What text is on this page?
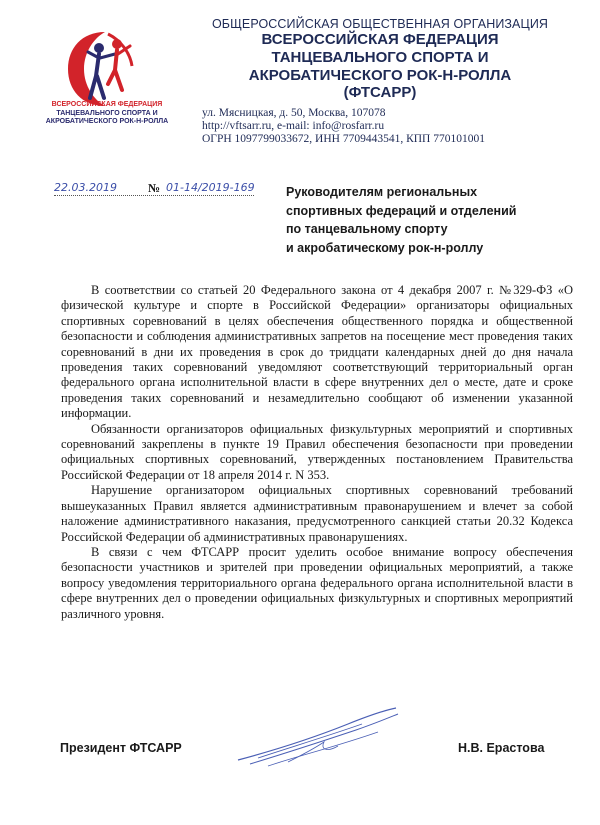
ВСЕРОССИЙСКАЯ ФЕДЕРАЦИЯ
ТАНЦЕВАЛЬНОГО СПОРТА И
АКРОБАТИЧЕСКОГО РОК-Н-РОЛЛА
ОБЩЕРОССИЙСКАЯ ОБЩЕСТВЕННАЯ ОРГАНИЗАЦИЯ
ВСЕРОССИЙСКАЯ ФЕДЕРАЦИЯ
ТАНЦЕВАЛЬНОГО СПОРТА И
АКРОБАТИЧЕСКОГО РОК-Н-РОЛЛА
(ФТСАРР)
ул. Мясницкая, д. 50, Москва, 107078
http://vftsarr.ru, e-mail: info@rosfarr.ru
ОГРН 1097799033672, ИНН 7709443541, КПП 770101001
22.03.2019	№ 01-14/2019-169	Руководителям региональных
спортивных федераций и отделений
по танцевальному спорту
и акробатическому рок-н-роллу

В соответствии со статьей 20 Федерального закона от 4 декабря 2007 г. №329-ФЗ «О физической культуре и спорте в Российской Федерации» организаторы официальных спортивных соревнований в целях обеспечения общественного порядка и общественной безопасности и соблюдения административных запретов на посещение мест проведения таких соревнований в дни их проведения в срок до тридцати календарных дней до дня начала проведения таких соревнований уведомляют соответствующий территориальный орган федерального органа исполнительной власти в сфере внутренних дел о месте, дате и сроке проведения таких соревнований и незамедлительно сообщают об изменении указанной информации.

Обязанности организаторов официальных физкультурных мероприятий и спортивных соревнований закреплены в пункте 19 Правил обеспечения безопасности при проведении официальных спортивных соревнований, утвержденных постановлением Правительства Российской Федерации от 18 апреля 2014 г. N 353.

Нарушение организатором официальных спортивных соревнований требований вышеуказанных Правил является административным правонарушением и влечет за собой наложение административного наказания, предусмотренного санкцией статьи 20.32 Кодекса Российской Федерации об административных правонарушениях.

В связи с чем ФТСАРР просит уделить особое внимание вопросу обеспечения безопасности участников и зрителей при проведении официальных мероприятий, а также вопросу уведомления территориального органа федерального органа исполнительной власти в сфере внутренних дел о проведении официальных физкультурных и спортивных мероприятий различного уровня.

Президент ФТСАРР	Н.В. Ерастова
